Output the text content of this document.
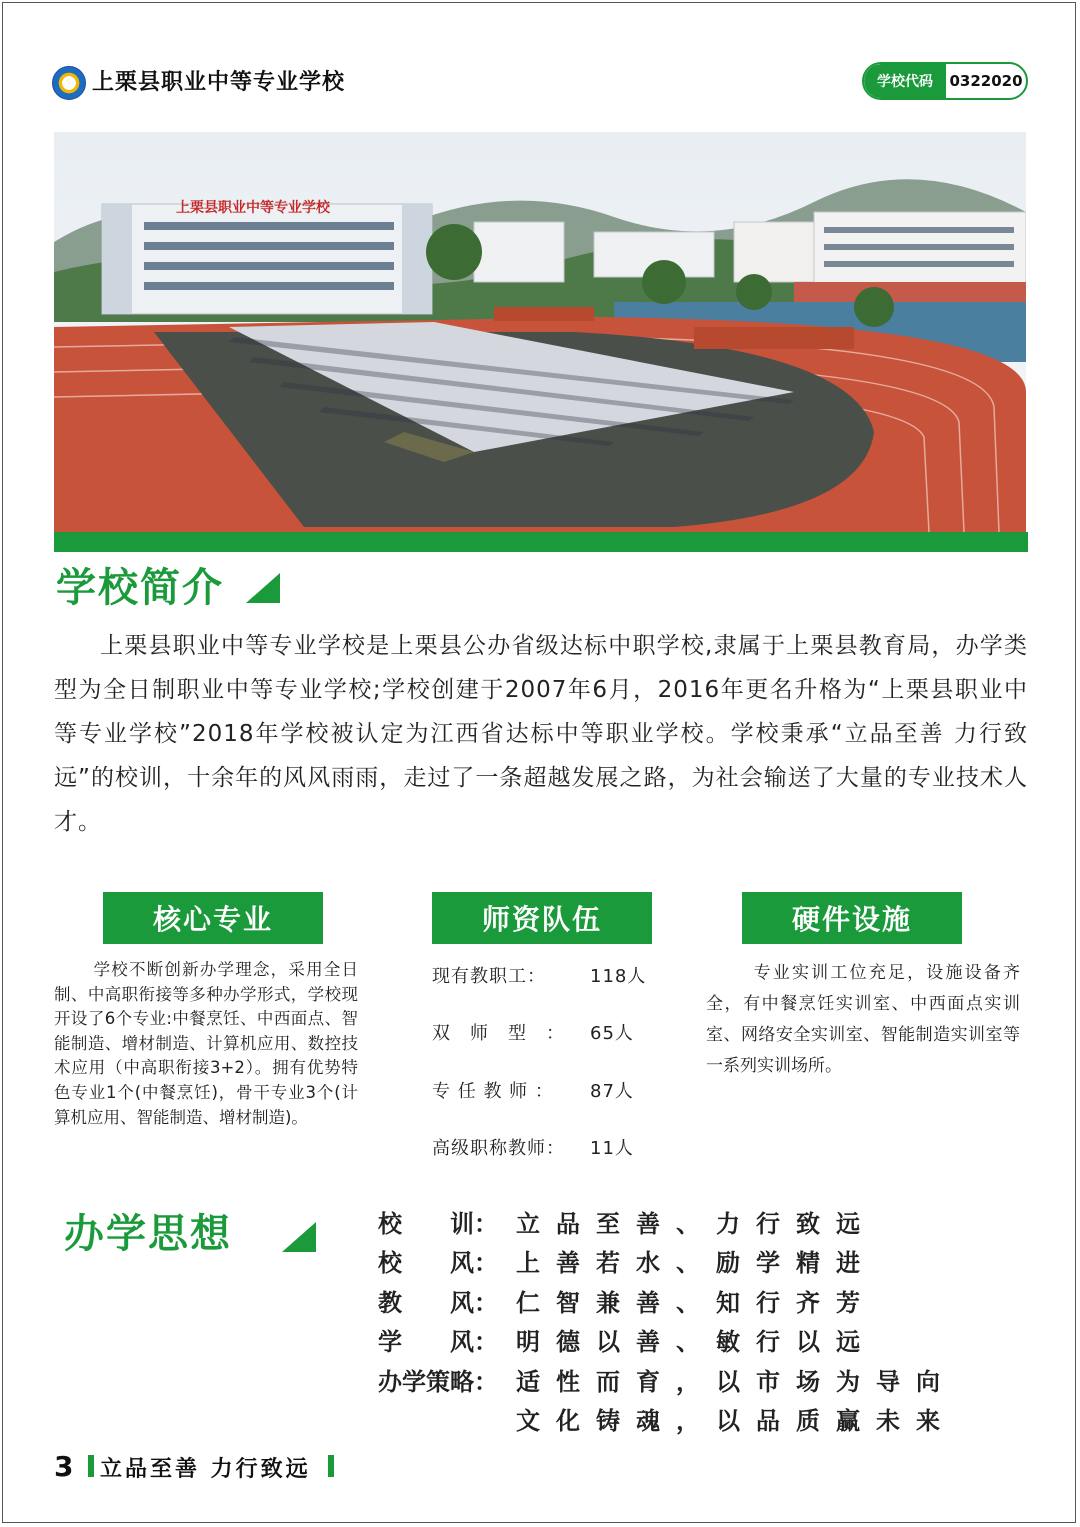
上栗县职业中等专业学校	学校代码	0322020
上栗县职业中等专业学校
学校简介
上栗县职业中等专业学校是上栗县公办省级达标中职学校,隶属于上栗县教育局，办学类型为全日制职业中等专业学校;学校创建于2007年6月，2016年更名升格为“上栗县职业中等专业学校”2018年学校被认定为江西省达标中等职业学校。学校秉承“立品至善 力行致远”的校训，十余年的风风雨雨，走过了一条超越发展之路，为社会输送了大量的专业技术人才。
核心专业
学校不断创新办学理念，采用全日制、中高职衔接等多种办学形式，学校现开设了6个专业:中餐烹饪、中西面点、智能制造、增材制造、计算机应用、数控技术应用（中高职衔接3+2）。拥有优势特色专业1个(中餐烹饪)，骨干专业3个(计算机应用、智能制造、增材制造)。
师资队伍
现有教职工： 118人
双　师　型　： 65人
专 任 教 师 ： 87人
高级职称教师： 11人
硬件设施
专业实训工位充足，设施设备齐全，有中餐烹饪实训室、中西面点实训室、网络安全实训室、智能制造实训室等一系列实训场所。
办学思想	校　　训： 立品至善、力行致远
校　　风： 上善若水、励学精进
教　　风： 仁智兼善、知行齐芳
学　　风： 明德以善、敏行以远
办学策略： 适性而育，以市场为导向
文化铸魂，以品质赢未来
3 立品至善 力行致远
